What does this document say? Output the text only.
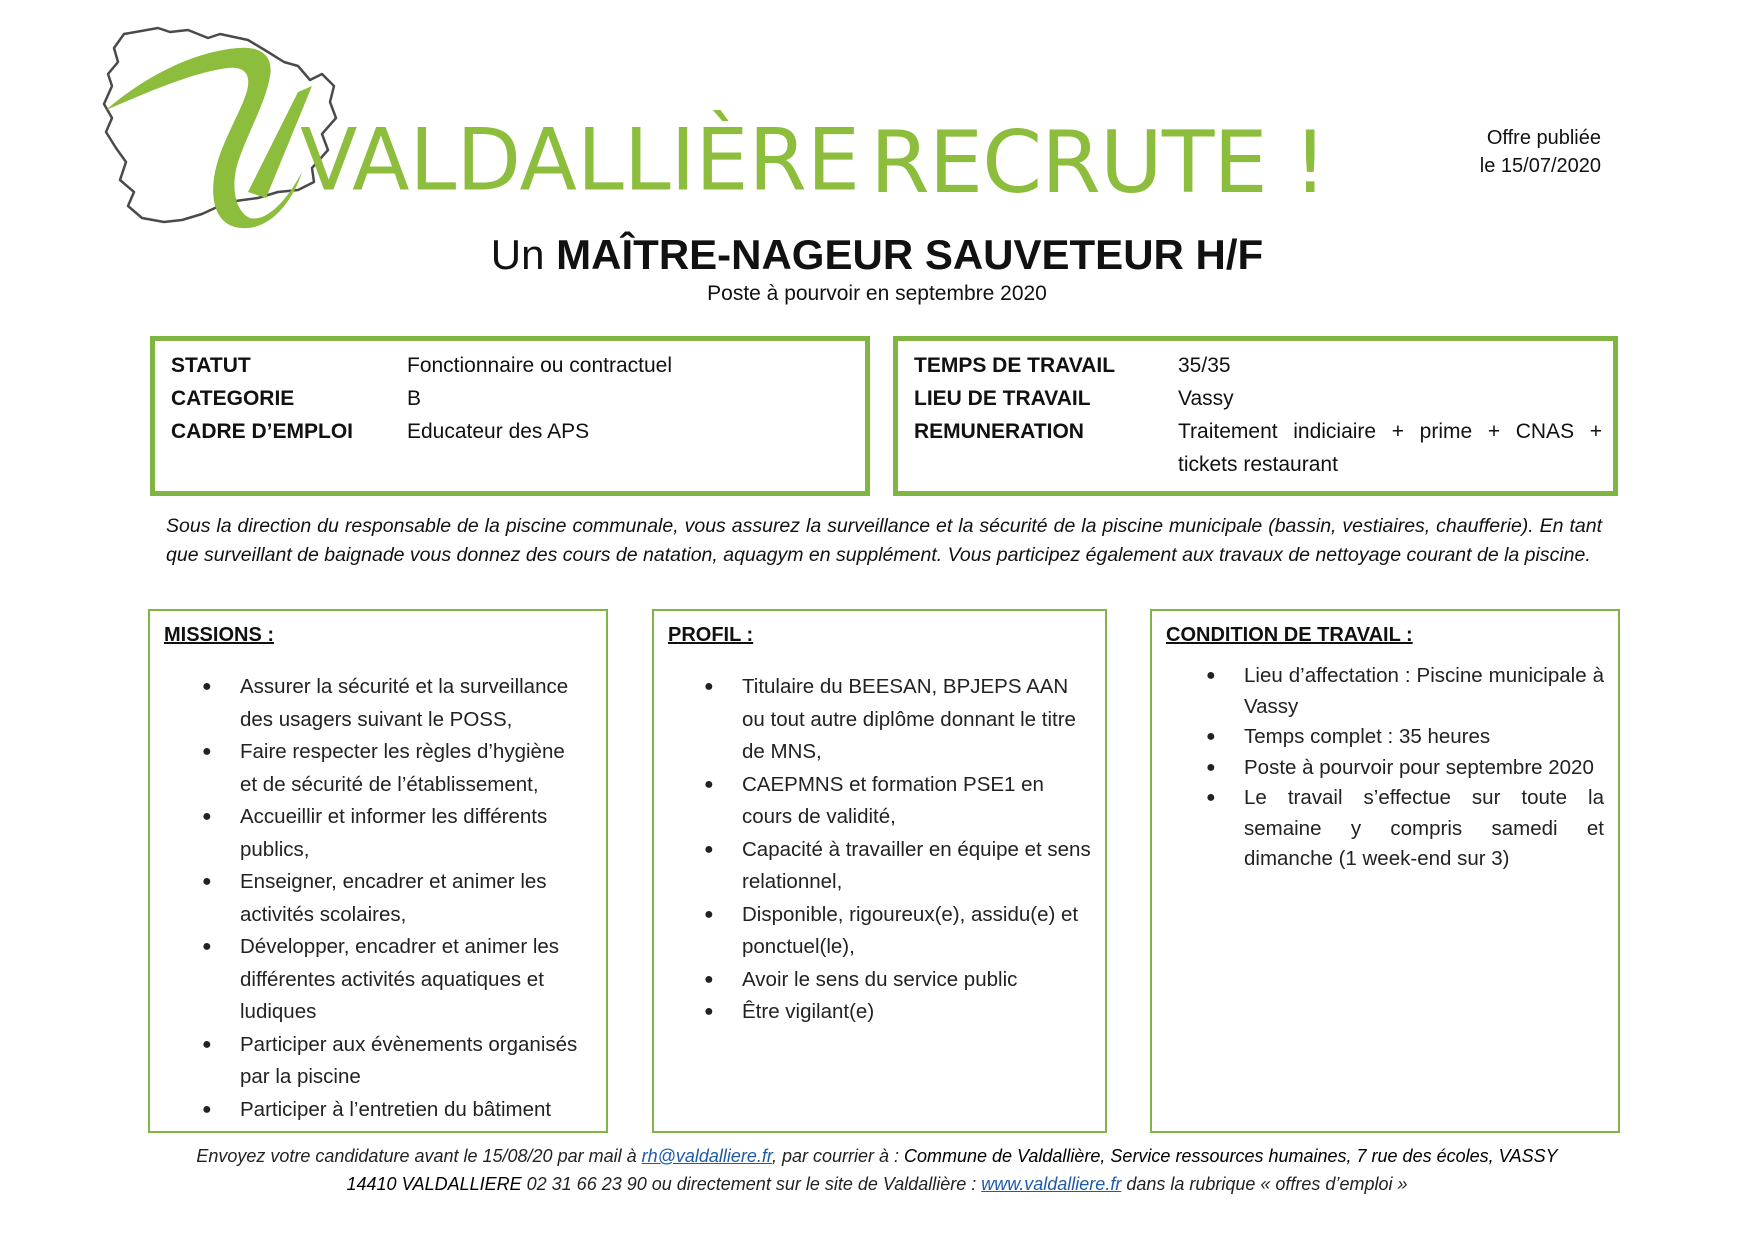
VALDALLIÈRE RECRUTE !	Offre publiée
le 15/07/2020
Un MAÎTRE-NAGEUR SAUVETEUR H/F
Poste à pourvoir en septembre 2020
STATUT	Fonctionnaire ou contractuel
CATEGORIE	B
CADRE D’EMPLOI	Educateur des APS
TEMPS DE TRAVAIL	35/35
LIEU DE TRAVAIL	Vassy
REMUNERATION	Traitement indiciaire + prime + CNAS +
tickets restaurant
Sous la direction du responsable de la piscine communale, vous assurez la surveillance et la sécurité de la piscine municipale (bassin, vestiaires, chaufferie). En tant que surveillant de baignade vous donnez des cours de natation, aquagym en supplément. Vous participez également aux travaux de nettoyage courant de la piscine.
MISSIONS :
● Assurer la sécurité et la surveillance des usagers suivant le POSS,
● Faire respecter les règles d’hygiène et de sécurité de l’établissement,
● Accueillir et informer les différents publics,
● Enseigner, encadrer et animer les activités scolaires,
● Développer, encadrer et animer les différentes activités aquatiques et ludiques
● Participer aux évènements organisés par la piscine
● Participer à l’entretien du bâtiment
PROFIL :
● Titulaire du BEESAN, BPJEPS AAN ou tout autre diplôme donnant le titre de MNS,
● CAEPMNS et formation PSE1 en cours de validité,
● Capacité à travailler en équipe et sens relationnel,
● Disponible, rigoureux(e), assidu(e) et ponctuel(le),
● Avoir le sens du service public
● Être vigilant(e)
CONDITION DE TRAVAIL :
● Lieu d’affectation : Piscine municipale à Vassy
● Temps complet : 35 heures
● Poste à pourvoir pour septembre 2020
● Le travail s’effectue sur toute la semaine y compris samedi et dimanche (1 week-end sur 3)
Envoyez votre candidature avant le 15/08/20 par mail à rh@valdalliere.fr, par courrier à : Commune de Valdallière, Service ressources humaines, 7 rue des écoles, VASSY
14410 VALDALLIERE 02 31 66 23 90 ou directement sur le site de Valdallière : www.valdalliere.fr dans la rubrique « offres d’emploi »
